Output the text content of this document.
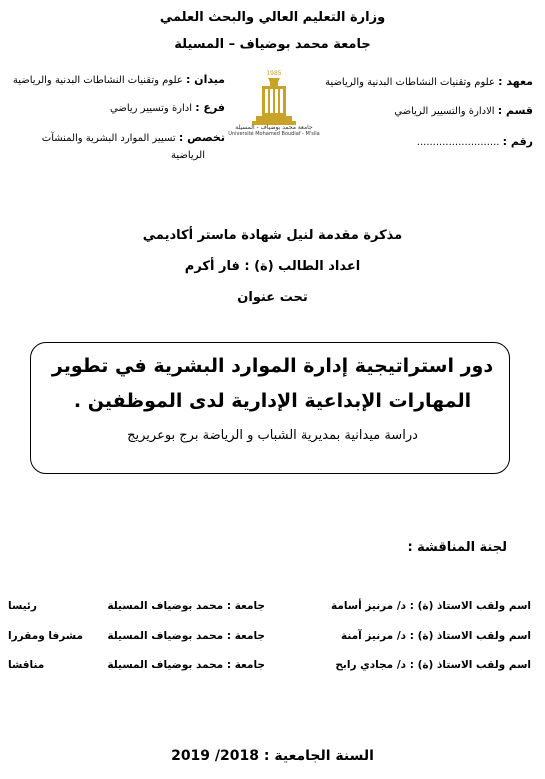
وزارة التعليم العالي والبحث العلمي
جامعة محمد بوضياف – المسيلة
معهد : علوم وتقنيات النشاطات البدنية والرياضية
قسم : الادارة والتسيير الرياضي
رقم : ..........................
ميدان : علوم وتقنيات النشاطات البدنية والرياضية
فرع : ادارة وتسيير رياضي
تخصص : تسيير الموارد البشرية والمنشآت
الرياضية
1985
جامعة محمد بوضياف - المسيلة
Université Mohamed Boudiaf - M'sila
مذكرة مقدمة لنيل شهادة ماستر أكاديمي
اعداد الطالب (ة) : فار أكرم
تحت عنوان
دور استراتيجية إدارة الموارد البشرية في تطوير
المهارات الإبداعية الإدارية لدى الموظفين .
دراسة ميدانية بمديرية الشباب و الرياضة برج بوعريريج
لجنة المناقشة :
اسم ولقب الاستاذ (ة) : د/ مرنيز أسامة
جامعة : محمد بوضياف المسيلة
رئيسا
اسم ولقب الاستاذ (ة) : د/ مرنيز آمنة
جامعة : محمد بوضياف المسيلة
مشرفا ومقررا
اسم ولقب الاستاذ (ة) : د/ مجادي رابح
جامعة : محمد بوضياف المسيلة
مناقشا
السنة الجامعية : 2018/ 2019
